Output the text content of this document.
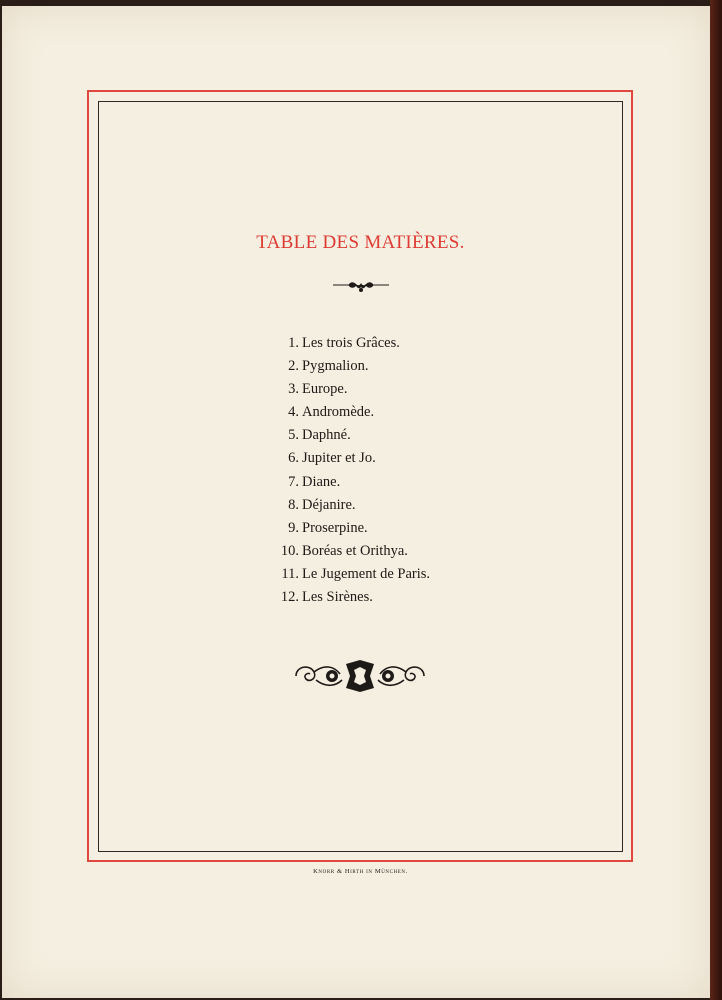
TABLE DES MATIÈRES.
1. Les trois Grâces.
2. Pygmalion.
3. Europe.
4. Andromède.
5. Daphné.
6. Jupiter et Jo.
7. Diane.
8. Déjanire.
9. Proserpine.
10. Boréas et Orithya.
11. Le Jugement de Paris.
12. Les Sirènes.
Knorr & Hirth in München.
